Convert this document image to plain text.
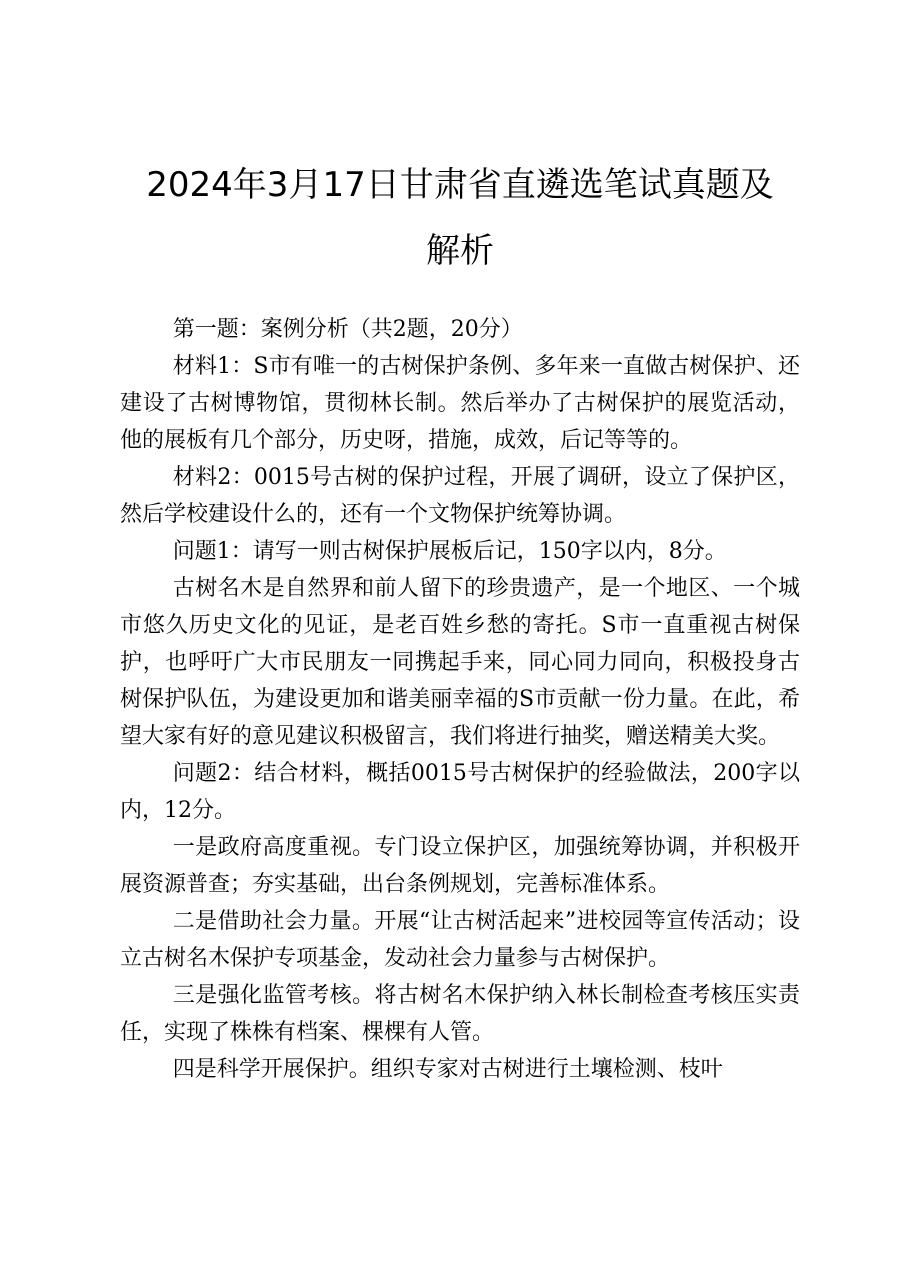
2024年3月17日甘肃省直遴选笔试真题及
解析

第一题：案例分析（共2题，20分）

材料1：S市有唯一的古树保护条例、多年来一直做古树保护、还建设了古树博物馆，贯彻林长制。然后举办了古树保护的展览活动，他的展板有几个部分，历史呀，措施，成效，后记等等的。

材料2：0015号古树的保护过程，开展了调研，设立了保护区，然后学校建设什么的，还有一个文物保护统筹协调。

问题1：请写一则古树保护展板后记，150字以内，8分。

古树名木是自然界和前人留下的珍贵遗产，是一个地区、一个城市悠久历史文化的见证，是老百姓乡愁的寄托。S市一直重视古树保护，也呼吁广大市民朋友一同携起手来，同心同力同向，积极投身古树保护队伍，为建设更加和谐美丽幸福的S市贡献一份力量。在此，希望大家有好的意见建议积极留言，我们将进行抽奖，赠送精美大奖。

问题2：结合材料，概括0015号古树保护的经验做法，200字以内，12分。

一是政府高度重视。专门设立保护区，加强统筹协调，并积极开展资源普查；夯实基础，出台条例规划，完善标准体系。

二是借助社会力量。开展“让古树活起来”进校园等宣传活动；设立古树名木保护专项基金，发动社会力量参与古树保护。

三是强化监管考核。将古树名木保护纳入林长制检查考核压实责任，实现了株株有档案、棵棵有人管。

四是科学开展保护。组织专家对古树进行土壤检测、枝叶
